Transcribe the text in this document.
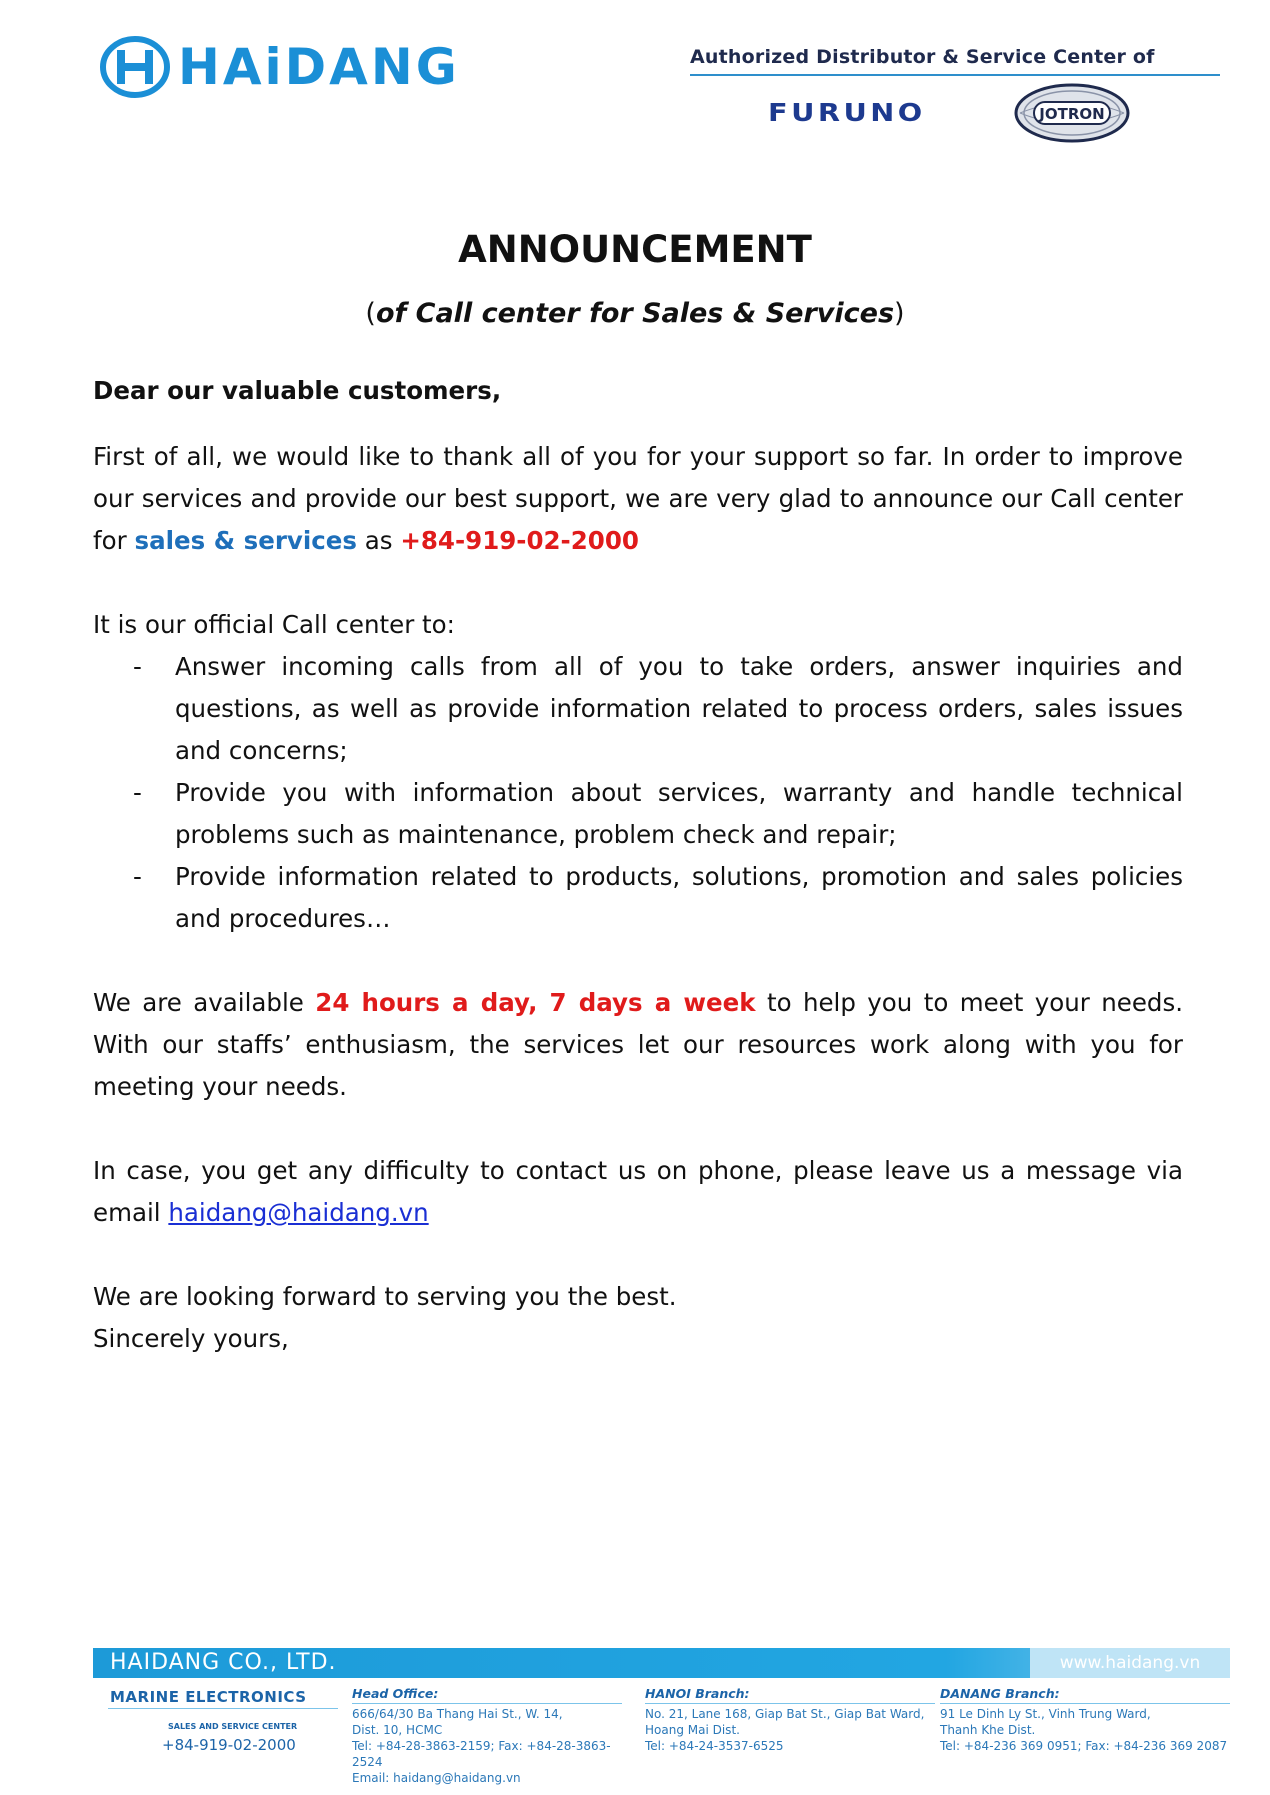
HAiDANG	Authorized Distributor & Service Center of
FURUNO	JOTRON
ANNOUNCEMENT
(of Call center for Sales & Services)

Dear our valuable customers,

First of all, we would like to thank all of you for your support so far. In order to improve our services and provide our best support, we are very glad to announce our Call center for sales & services as +84-919-02-2000

It is our official Call center to:

- Answer incoming calls from all of you to take orders, answer inquiries and questions, as well as provide information related to process orders, sales issues and concerns;
- Provide you with information about services, warranty and handle technical problems such as maintenance, problem check and repair;
- Provide information related to products, solutions, promotion and sales policies and procedures…

We are available 24 hours a day, 7 days a week to help you to meet your needs. With our staffs’ enthusiasm, the services let our resources work along with you for meeting your needs.

In case, you get any difficulty to contact us on phone, please leave us a message via email haidang@haidang.vn

We are looking forward to serving you the best.

Sincerely yours,

HAIDANG CO., LTD.	www.haidang.vn
MARINE ELECTRONICS
SALES AND SERVICE CENTER
+84-919-02-2000
Head Office:
666/64/30 Ba Thang Hai St., W. 14,
Dist. 10, HCMC
Tel: +84-28-3863-2159; Fax: +84-28-3863-2524
Email: haidang@haidang.vn
HANOI Branch:
No. 21, Lane 168, Giap Bat St., Giap Bat Ward,
Hoang Mai Dist.
Tel: +84-24-3537-6525
DANANG Branch:
91 Le Dinh Ly St., Vinh Trung Ward,
Thanh Khe Dist.
Tel: +84-236 369 0951; Fax: +84-236 369 2087
